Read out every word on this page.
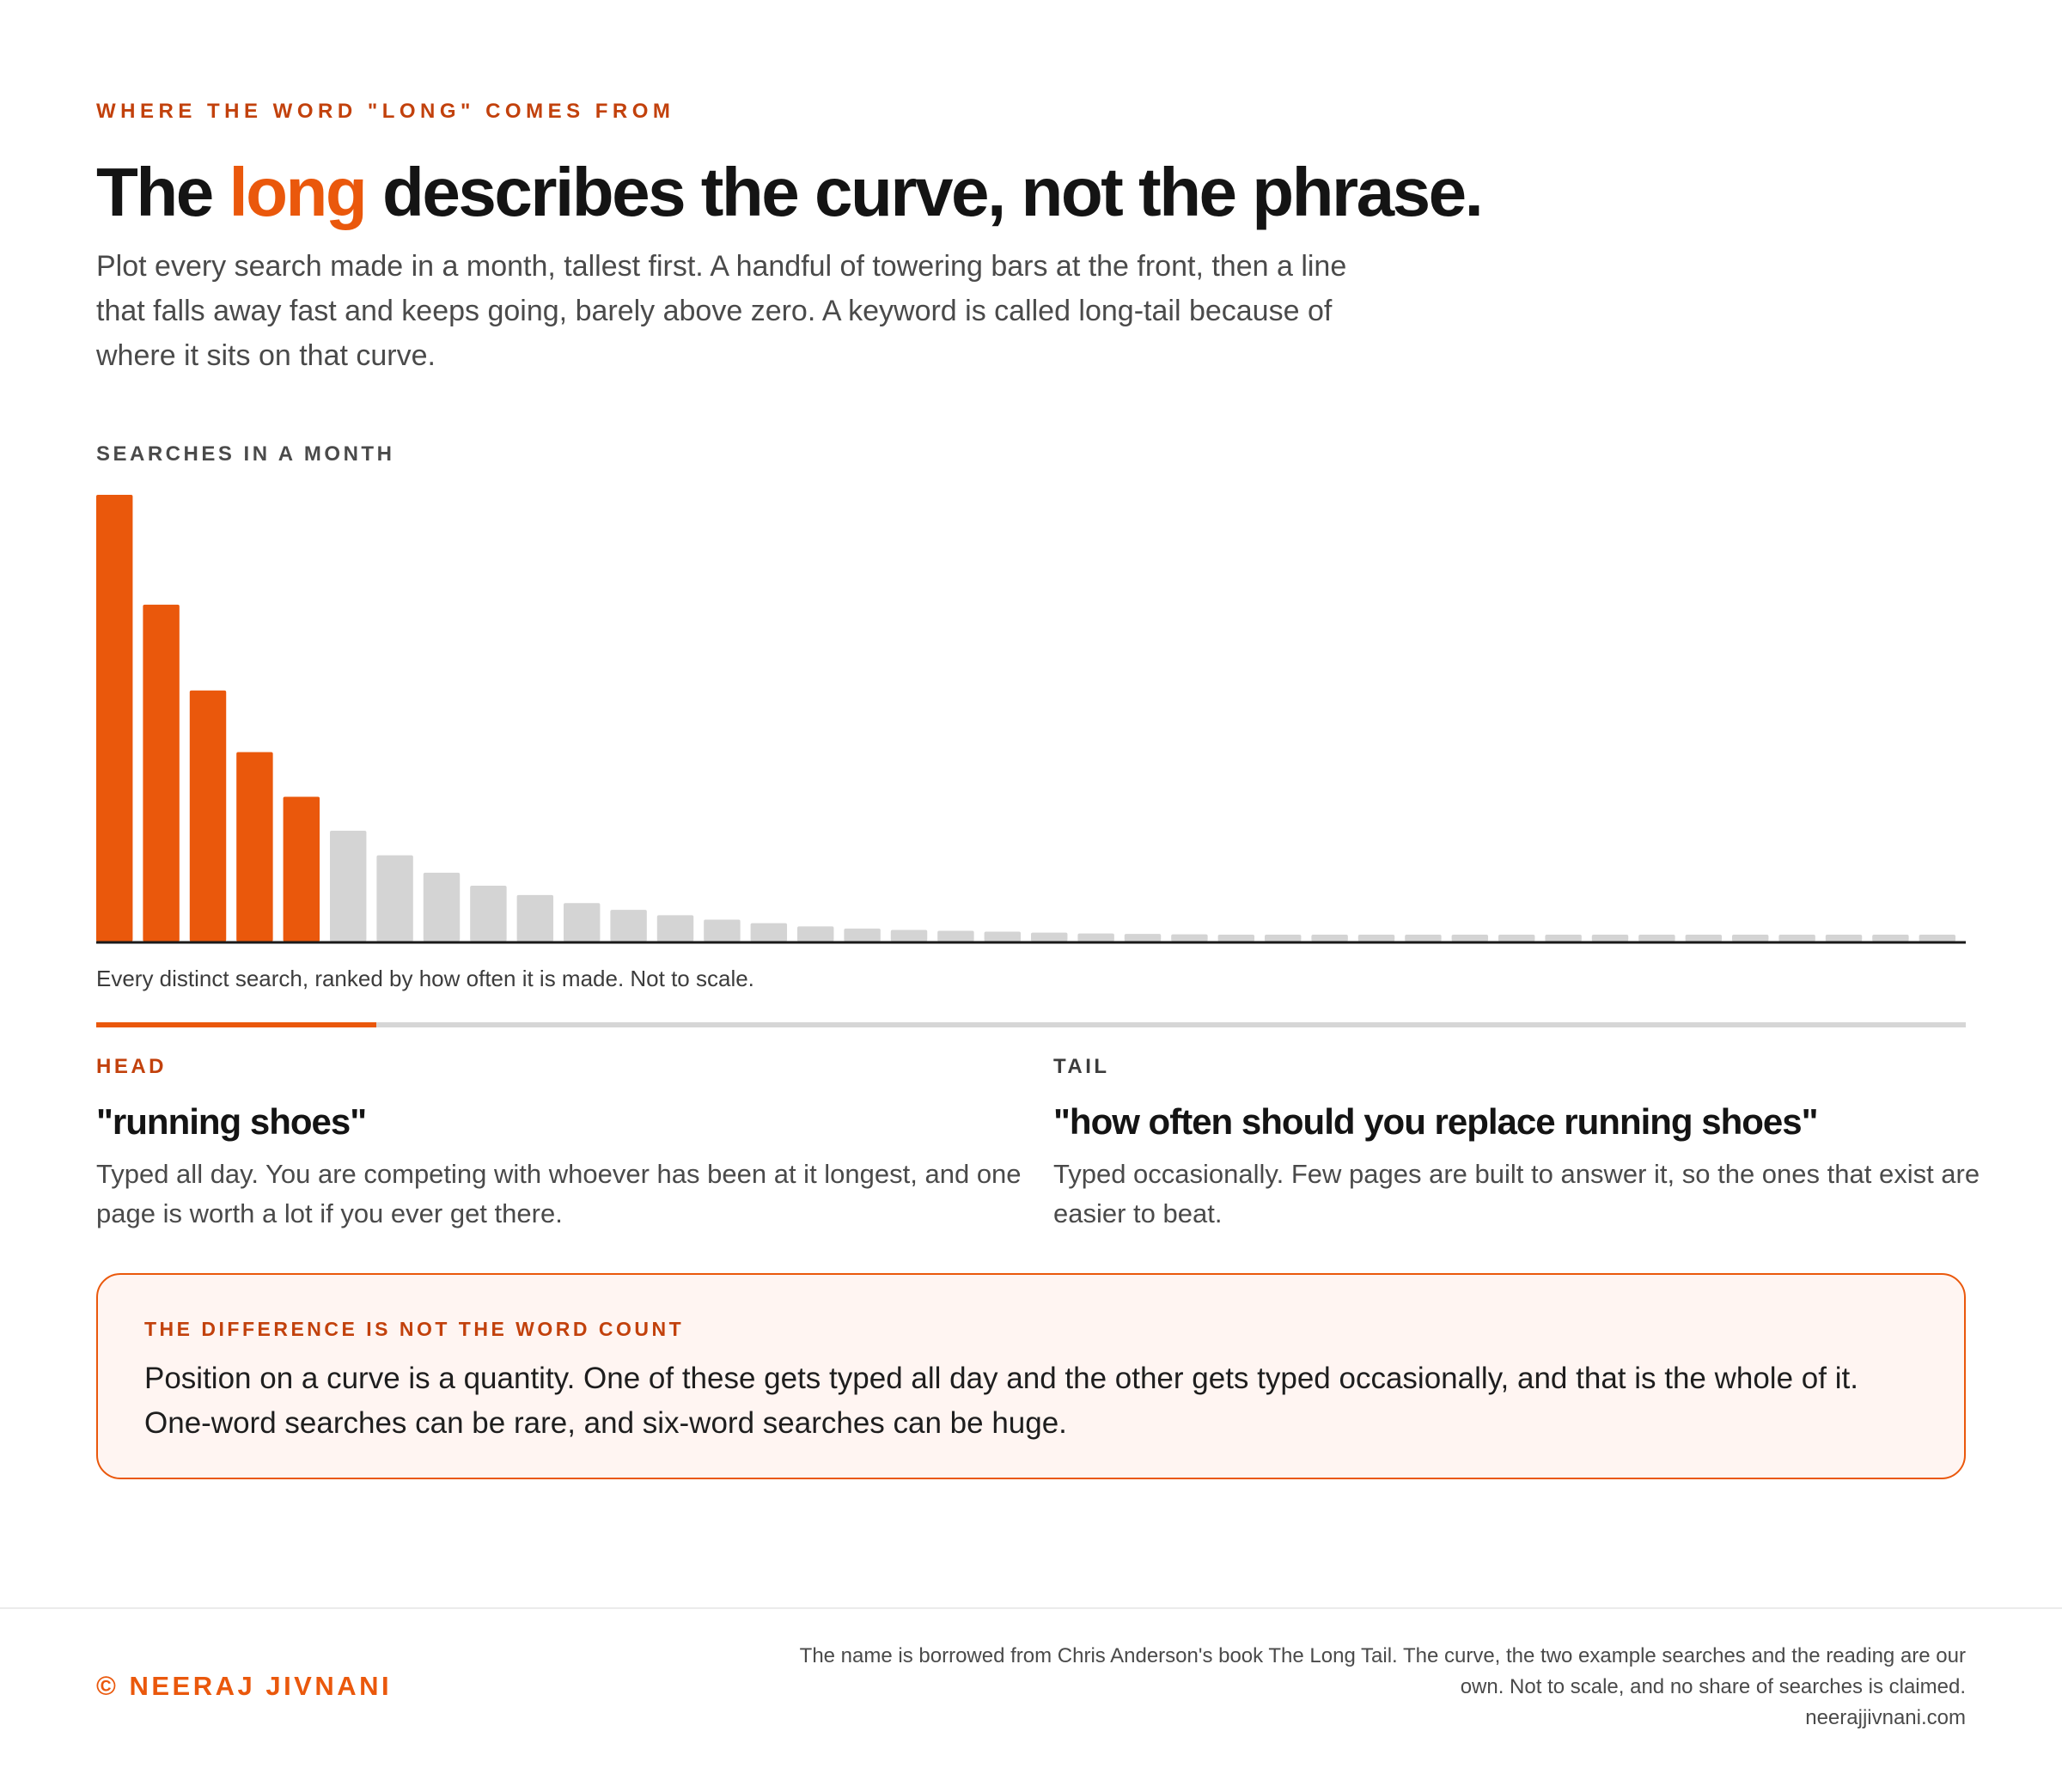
WHERE THE WORD "LONG" COMES FROM
The long describes the curve, not the phrase.

Plot every search made in a month, tallest first. A handful of towering bars at the front, then a line that falls away fast and keeps going, barely above zero. A keyword is called long-tail because of where it sits on that curve.

SEARCHES IN A MONTH
Every distinct search, ranked by how often it is made. Not to scale.
HEAD
"running shoes"

Typed all day. You are competing with whoever has been at it longest, and one page is worth a lot if you ever get there.

TAIL
"how often should you replace running shoes"

Typed occasionally. Few pages are built to answer it, so the ones that exist are easier to beat.

THE DIFFERENCE IS NOT THE WORD COUNT

Position on a curve is a quantity. One of these gets typed all day and the other gets typed occasionally, and that is the whole of it. One-word searches can be rare, and six-word searches can be huge.

© NEERAJ JIVNANI
The name is borrowed from Chris Anderson's book The Long Tail. The curve, the two example searches and the reading are our own. Not to scale, and no share of searches is claimed.
neerajjivnani.com
